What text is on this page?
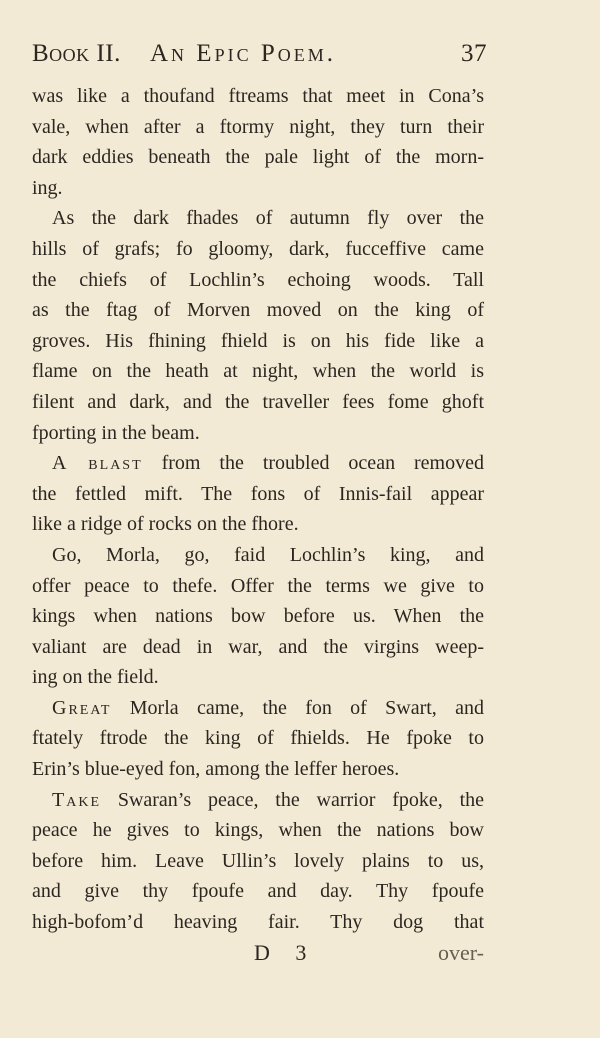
Book II. An Epic Poem.	37
was like a thoufand ftreams that meet in Cona’s
vale, when after a ftormy night, they turn their
dark eddies beneath the pale light of the morn-
ing.
As the dark fhades of autumn fly over the
hills of grafs; fo gloomy, dark, fucceffive came
the chiefs of Lochlin’s echoing woods. Tall
as the ftag of Morven moved on the king of
groves. His fhining fhield is on his fide like a
flame on the heath at night, when the world is
filent and dark, and the traveller fees fome ghoft
fporting in the beam.
A blast from the troubled ocean removed
the fettled mift. The fons of Innis-fail appear
like a ridge of rocks on the fhore.
Go, Morla, go, faid Lochlin’s king, and
offer peace to thefe. Offer the terms we give to
kings when nations bow before us. When the
valiant are dead in war, and the virgins weep-
ing on the field.
Great Morla came, the fon of Swart, and
ftately ftrode the king of fhields. He fpoke to
Erin’s blue-eyed fon, among the leffer heroes.
Take Swaran’s peace, the warrior fpoke, the
peace he gives to kings, when the nations bow
before him. Leave Ullin’s lovely plains to us,
and give thy fpoufe and day. Thy fpoufe
high-bofom’d heaving fair. Thy dog that
D 3	over-
